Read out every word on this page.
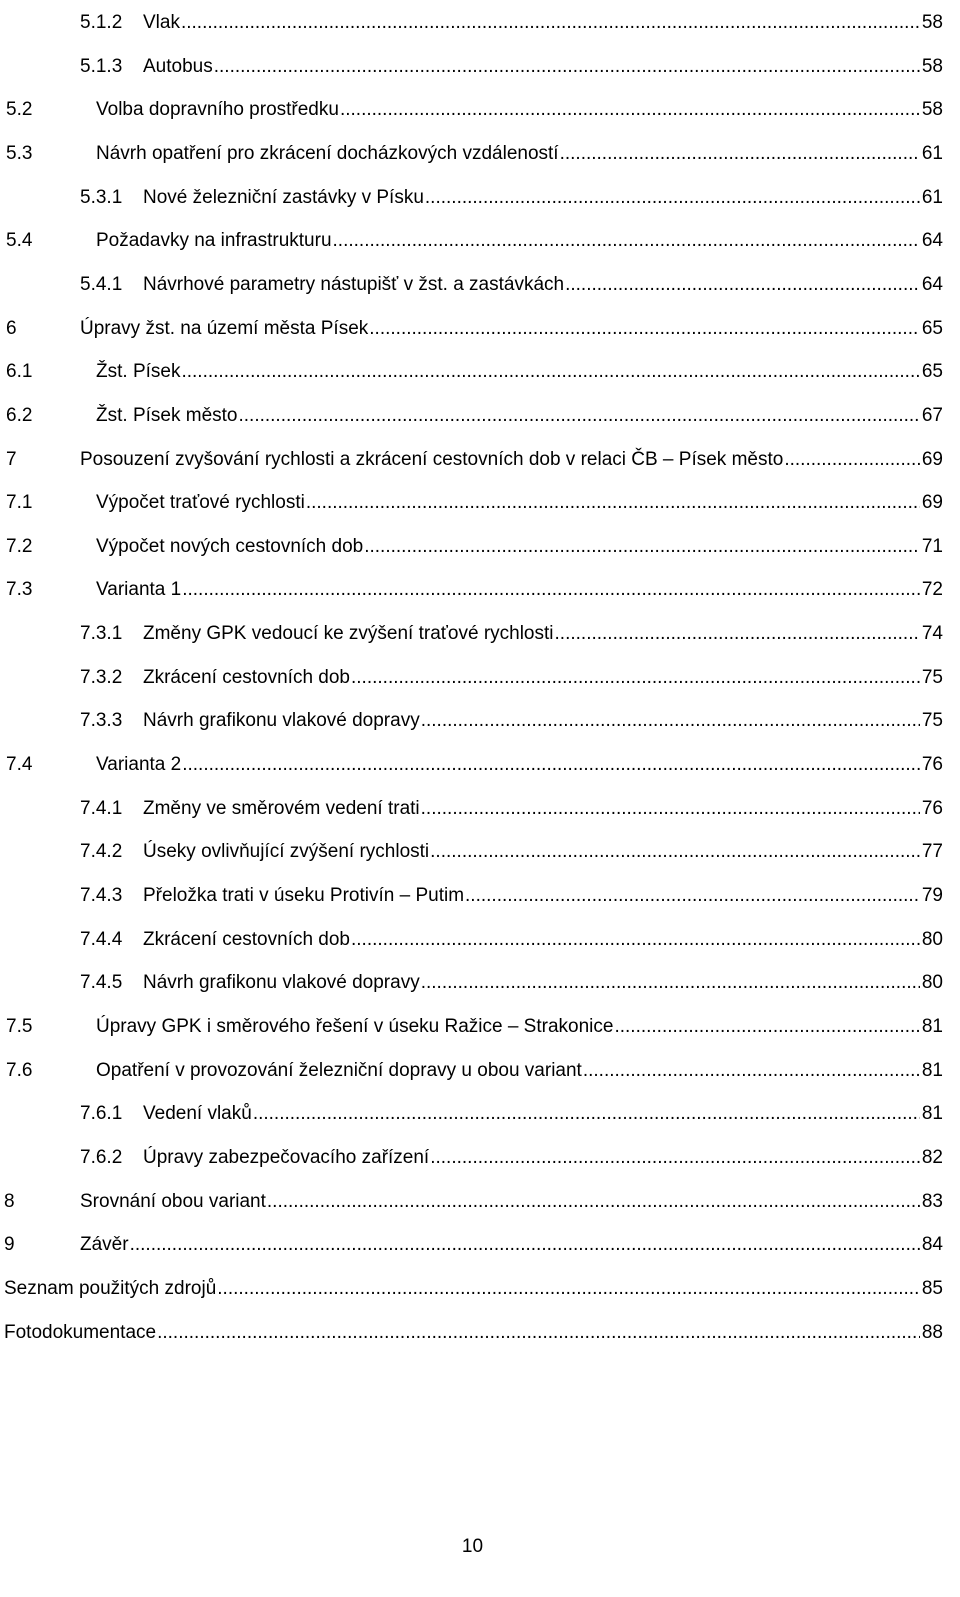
5.1.2 Vlak .....	58
5.1.3 Autobus .....	58
5.2	Volba dopravního prostředku .....	58
5.3	Návrh opatření pro zkrácení docházkových vzdáleností .....	61
5.3.1 Nové železniční zastávky v Písku .....	61
5.4	Požadavky na infrastrukturu .....	64
5.4.1 Návrhové parametry nástupišť v žst. a zastávkách .....	64
6	Úpravy žst. na území města Písek .....	65
6.1	Žst. Písek .....	65
6.2	Žst. Písek město .....	67
7	Posouzení zvyšování rychlosti a zkrácení cestovních dob v relaci ČB – Písek město .....	69
7.1	Výpočet traťové rychlosti .....	69
7.2	Výpočet nových cestovních dob .....	71
7.3	Varianta 1 .....	72
7.3.1 Změny GPK vedoucí ke zvýšení traťové rychlosti .....	74
7.3.2 Zkrácení cestovních dob .....	75
7.3.3 Návrh grafikonu vlakové dopravy .....	75
7.4	Varianta 2 .....	76
7.4.1 Změny ve směrovém vedení trati .....	76
7.4.2 Úseky ovlivňující zvýšení rychlosti .....	77
7.4.3 Přeložka trati v úseku Protivín – Putim .....	79
7.4.4 Zkrácení cestovních dob .....	80
7.4.5 Návrh grafikonu vlakové dopravy .....	80
7.5	Úpravy GPK i směrového řešení v úseku Ražice – Strakonice .....	81
7.6	Opatření v provozování železniční dopravy u obou variant .....	81
7.6.1 Vedení vlaků .....	81
7.6.2 Úpravy zabezpečovacího zařízení .....	82
8	Srovnání obou variant .....	83
9	Závěr .....	84
Seznam použitých zdrojů .....	85
Fotodokumentace .....	88
10
